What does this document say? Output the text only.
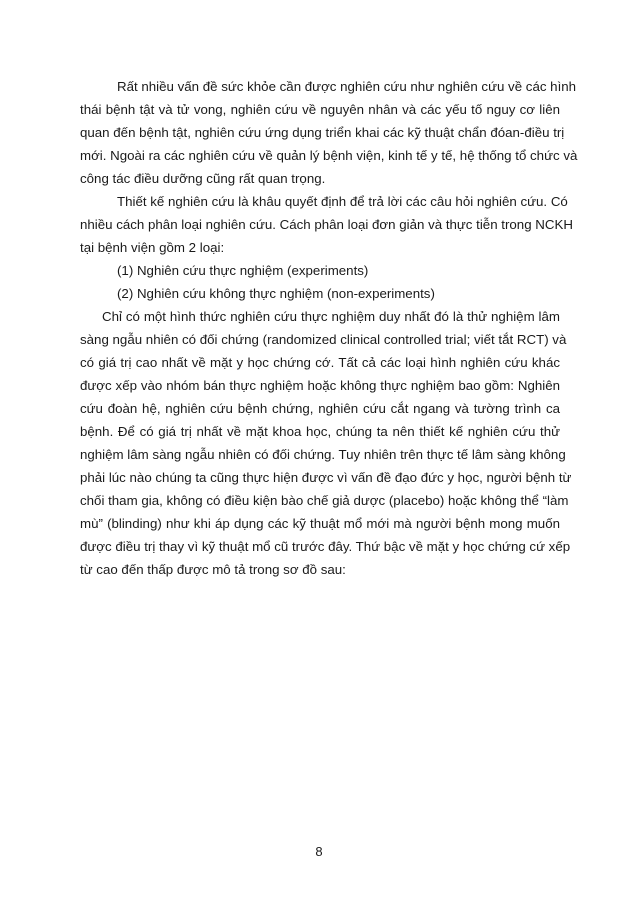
Rất nhiều vấn đề sức khỏe cần được nghiên cứu như nghiên cứu về các hình
thái bệnh tật và tử vong, nghiên cứu về nguyên nhân và các yếu tố nguy cơ liên
quan đến bệnh tật, nghiên cứu ứng dụng triển khai các kỹ thuật chẩn đóan-điều trị
mới. Ngoài ra các nghiên cứu về quản lý bệnh viện, kinh tế y tế, hệ thống tổ chức và
công tác điều dưỡng cũng rất quan trọng.
Thiết kế nghiên cứu là khâu quyết định để trả lời các câu hỏi nghiên cứu. Có
nhiều cách phân loại nghiên cứu. Cách phân loại đơn giản và thực tiễn trong NCKH
tại bệnh viện gồm 2 loại:
(1) Nghiên cứu thực nghiệm (experiments)
(2) Nghiên cứu không thực nghiệm (non-experiments)
Chỉ có một hình thức nghiên cứu thực nghiệm duy nhất đó là thử nghiệm lâm
sàng ngẫu nhiên có đối chứng (randomized clinical controlled trial; viết tắt RCT) và
có giá trị cao nhất về mặt y học chứng cớ. Tất cả các loại hình nghiên cứu khác
được xếp vào nhóm bán thực nghiệm hoặc không thực nghiệm bao gồm: Nghiên
cứu đoàn hệ, nghiên cứu bệnh chứng, nghiên cứu cắt ngang và tường trình ca
bệnh. Để có giá trị nhất về mặt khoa học, chúng ta nên thiết kế nghiên cứu thử
nghiệm lâm sàng ngẫu nhiên có đối chứng. Tuy nhiên trên thực tế lâm sàng không
phải lúc nào chúng ta cũng thực hiện được vì vấn đề đạo đức y học, người bệnh từ
chối tham gia, không có điều kiện bào chế giả dược (placebo) hoặc không thể “làm
mù” (blinding) như khi áp dụng các kỹ thuật mổ mới mà người bệnh mong muốn
được điều trị thay vì kỹ thuật mổ cũ trước đây. Thứ bậc về mặt y học chứng cứ xếp
từ cao đến thấp được mô tả trong sơ đồ sau:
8
